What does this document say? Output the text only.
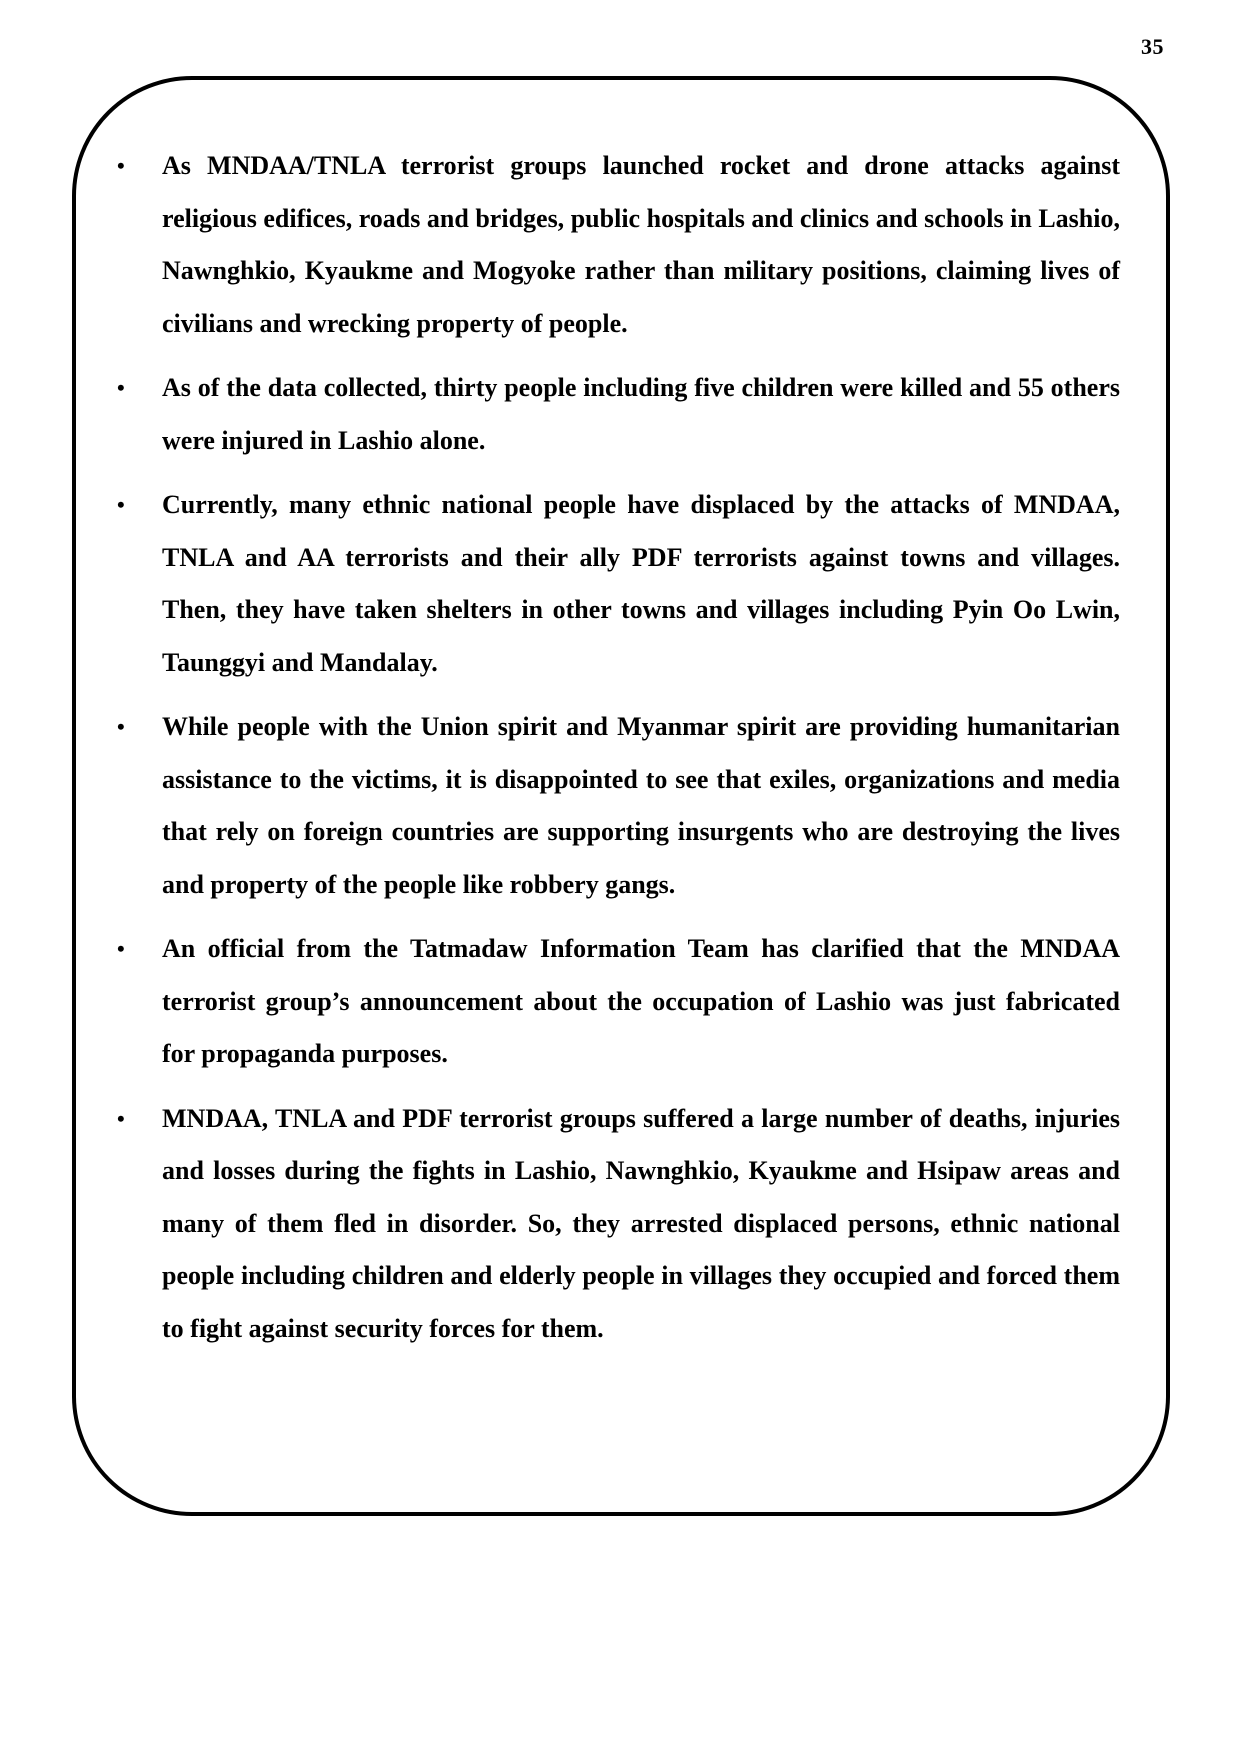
35
• As MNDAA/TNLA terrorist groups launched rocket and drone attacks against religious edifices, roads and bridges, public hospitals and clinics and schools in Lashio, Nawnghkio, Kyaukme and Mogyoke rather than military positions, claiming lives of civilians and wrecking property of people.
• As of the data collected, thirty people including five children were killed and 55 others were injured in Lashio alone.
• Currently, many ethnic national people have displaced by the attacks of MNDAA, TNLA and AA terrorists and their ally PDF terrorists against towns and villages. Then, they have taken shelters in other towns and villages including Pyin Oo Lwin, Taunggyi and Mandalay.
• While people with the Union spirit and Myanmar spirit are providing humanitarian assistance to the victims, it is disappointed to see that exiles, organizations and media that rely on foreign countries are supporting insurgents who are destroying the lives and property of the people like robbery gangs.
• An official from the Tatmadaw Information Team has clarified that the MNDAA terrorist group’s announcement about the occupation of Lashio was just fabricated for propaganda purposes.
• MNDAA, TNLA and PDF terrorist groups suffered a large number of deaths, injuries and losses during the fights in Lashio, Nawnghkio, Kyaukme and Hsipaw areas and many of them fled in disorder. So, they arrested displaced persons, ethnic national people including children and elderly people in villages they occupied and forced them to fight against security forces for them.
